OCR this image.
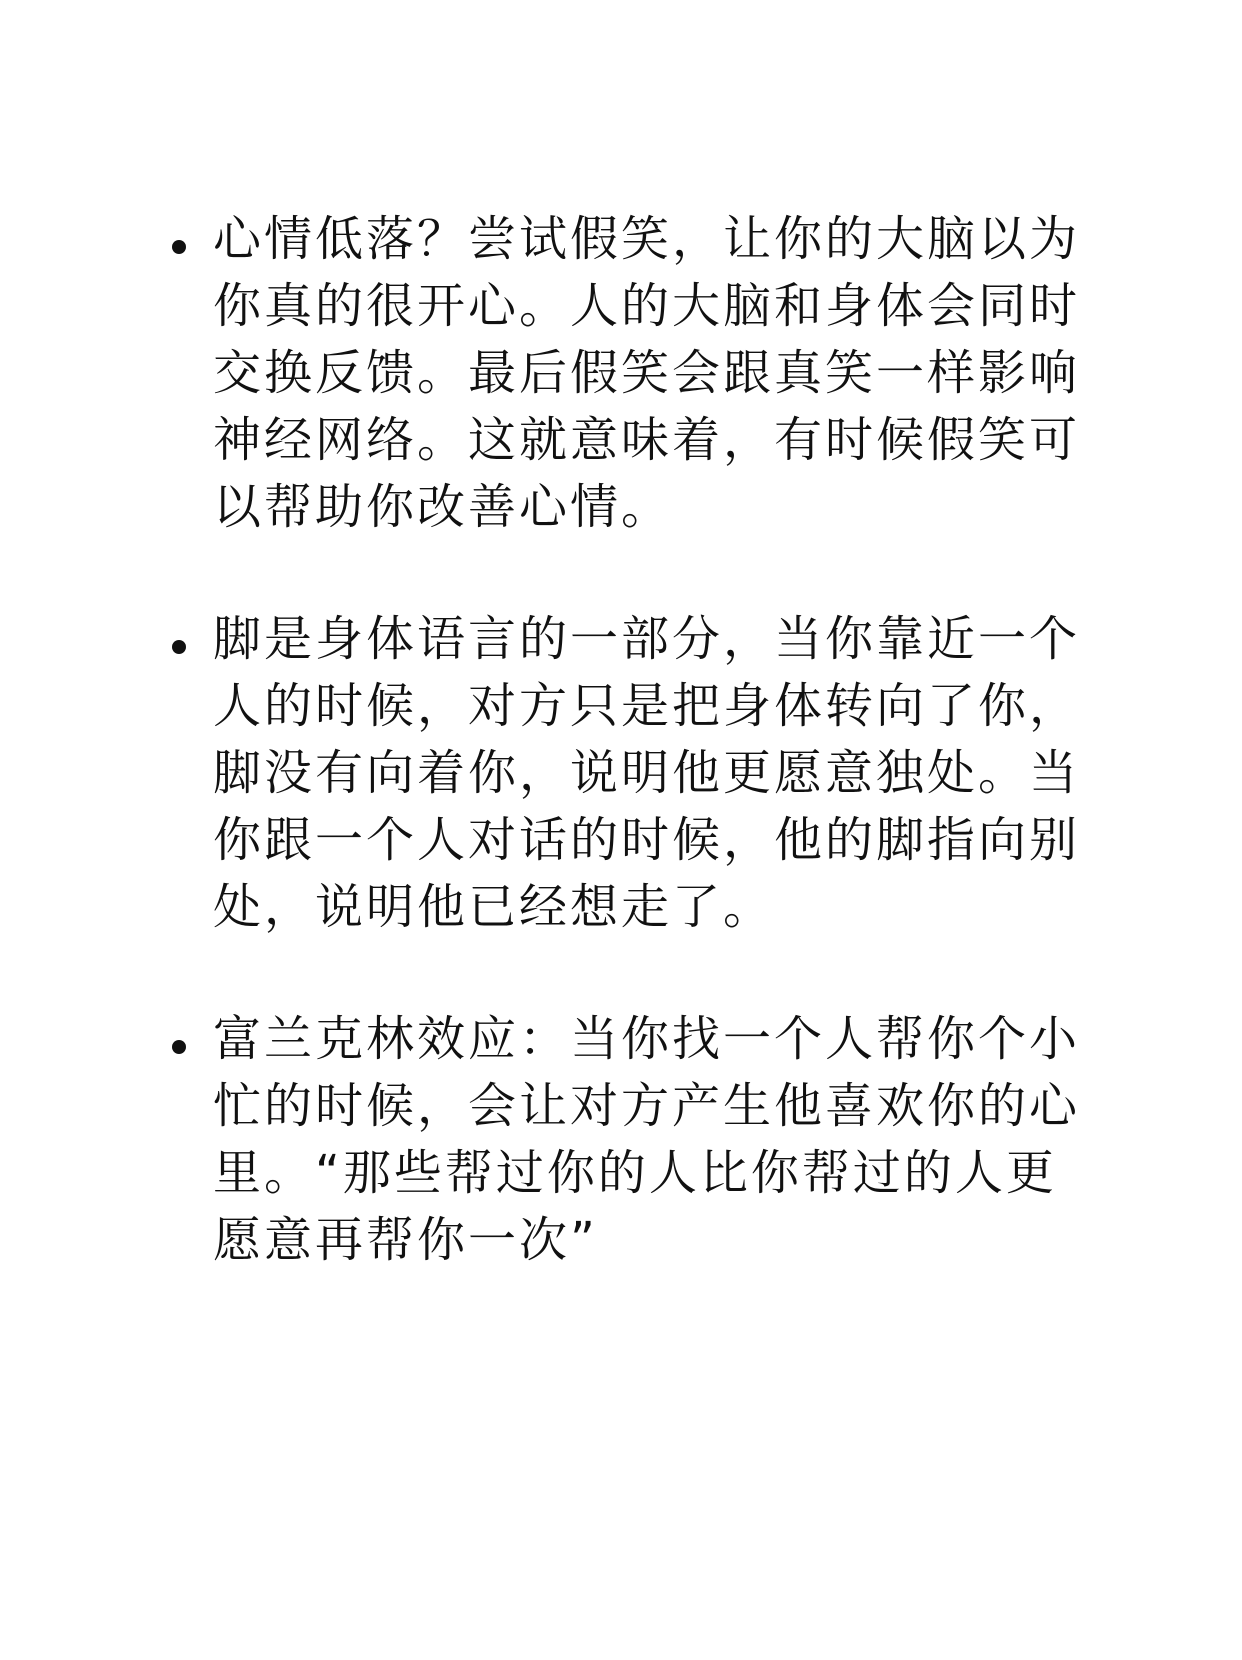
心情低落？尝试假笑，让你的大脑以为
你真的很开心。人的大脑和身体会同时
交换反馈。最后假笑会跟真笑一样影响
神经网络。这就意味着，有时候假笑可
以帮助你改善心情。
脚是身体语言的一部分，当你靠近一个
人的时候，对方只是把身体转向了你，
脚没有向着你，说明他更愿意独处。当
你跟一个人对话的时候，他的脚指向别
处，说明他已经想走了。
富兰克林效应：当你找一个人帮你个小
忙的时候，会让对方产生他喜欢你的心
里。“那些帮过你的人比你帮过的人更
愿意再帮你一次”
